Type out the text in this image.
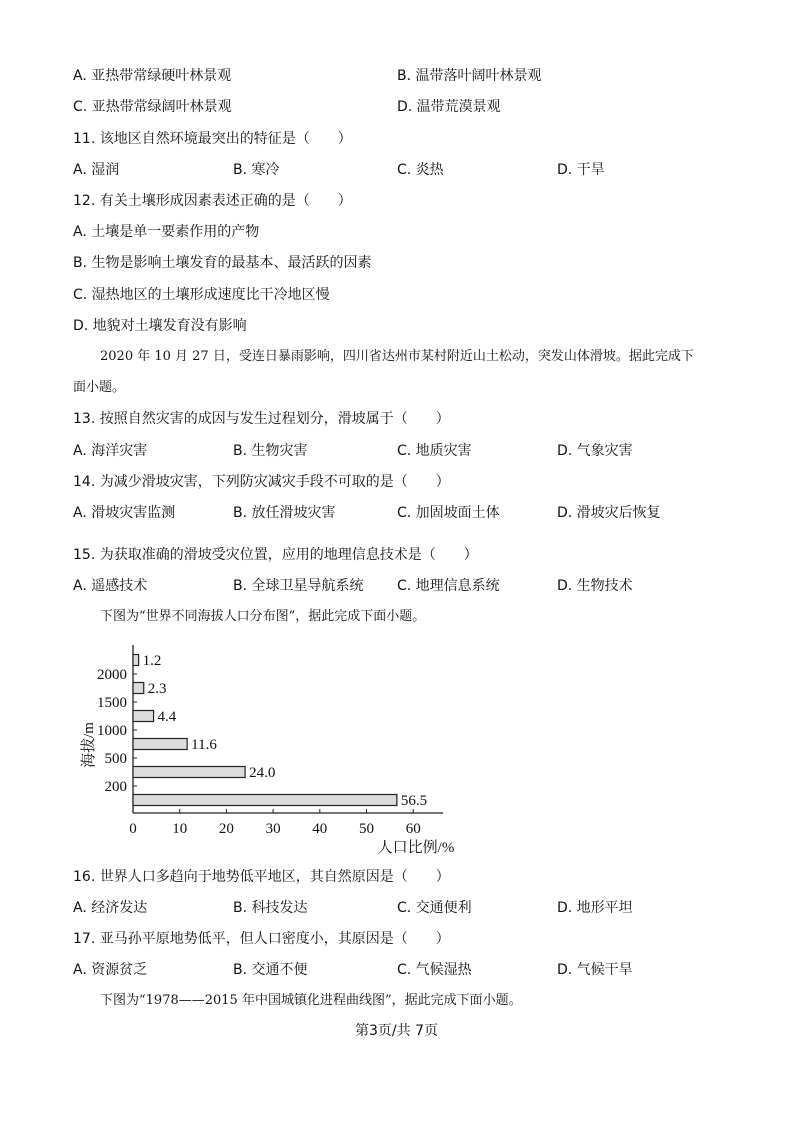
A. 亚热带常绿硬叶林景观	B. 温带落叶阔叶林景观
C. 亚热带常绿阔叶林景观	D. 温带荒漠景观
11. 该地区自然环境最突出的特征是（　　）
A. 湿润	B. 寒冷	C. 炎热	D. 干旱
12. 有关土壤形成因素表述正确的是（　　）
A. 土壤是单一要素作用的产物
B. 生物是影响土壤发育的最基本、最活跃的因素
C. 湿热地区的土壤形成速度比干冷地区慢
D. 地貌对土壤发育没有影响
2020 年 10 月 27 日，受连日暴雨影响，四川省达州市某村附近山土松动，突发山体滑坡。据此完成下
面小题。
13. 按照自然灾害的成因与发生过程划分，滑坡属于（　　）
A. 海洋灾害	B. 生物灾害	C. 地质灾害	D. 气象灾害
14. 为减少滑坡灾害，下列防灾减灾手段不可取的是（　　）
A. 滑坡灾害监测	B. 放任滑坡灾害	C. 加固坡面土体	D. 滑坡灾后恢复
15. 为获取准确的滑坡受灾位置，应用的地理信息技术是（　　）
A. 遥感技术	B. 全球卫星导航系统 C. 地理信息系统	D. 生物技术
下图为“世界不同海拔人口分布图”，据此完成下面小题。
0 10 20 30 40 50 60
200
500
1000
1500
2000
56.5
24.0
11.6
4.4
2.3
1.2
海拔/m
人口比例/%
16. 世界人口多趋向于地势低平地区，其自然原因是（　　）
A. 经济发达	B. 科技发达	C. 交通便利	D. 地形平坦
17. 亚马孙平原地势低平，但人口密度小，其原因是（　　）
A. 资源贫乏	B. 交通不便	C. 气候湿热	D. 气候干旱
下图为“1978——2015 年中国城镇化进程曲线图”，据此完成下面小题。
第3页/共 7页
